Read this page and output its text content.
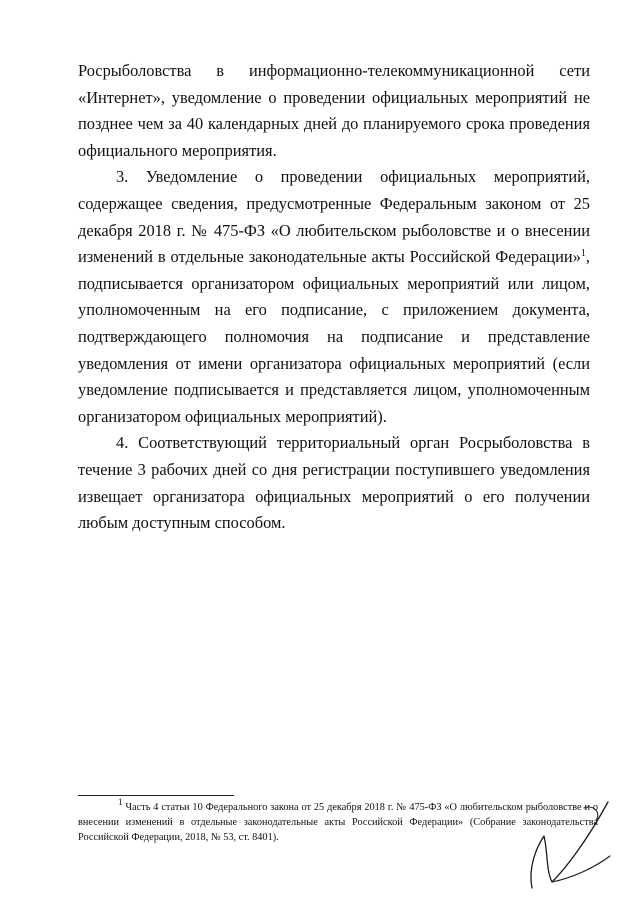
Росрыболовства в информационно-телекоммуникационной сети «Интернет», уведомление о проведении официальных мероприятий не позднее чем за 40 календарных дней до планируемого срока проведения официального мероприятия.

3. Уведомление о проведении официальных мероприятий, содержащее сведения, предусмотренные Федеральным законом от 25 декабря 2018 г. № 475-ФЗ «О любительском рыболовстве и о внесении изменений в отдельные законодательные акты Российской Федерации»$^1$, подписывается организатором официальных мероприятий или лицом, уполномоченным на его подписание, с приложением документа, подтверждающего полномочия на подписание и представление уведомления от имени организатора официальных мероприятий (если уведомление подписывается и представляется лицом, уполномоченным организатором официальных мероприятий).

4. Соответствующий территориальный орган Росрыболовства в течение 3 рабочих дней со дня регистрации поступившего уведомления извещает организатора официальных мероприятий о его получении любым доступным способом.

1 Часть 4 статьи 10 Федерального закона от 25 декабря 2018 г. № 475-ФЗ «О любительском рыболовстве и о внесении изменений в отдельные законодательные акты Российской Федерации» (Собрание законодательства Российской Федерации, 2018, № 53, ст. 8401).
